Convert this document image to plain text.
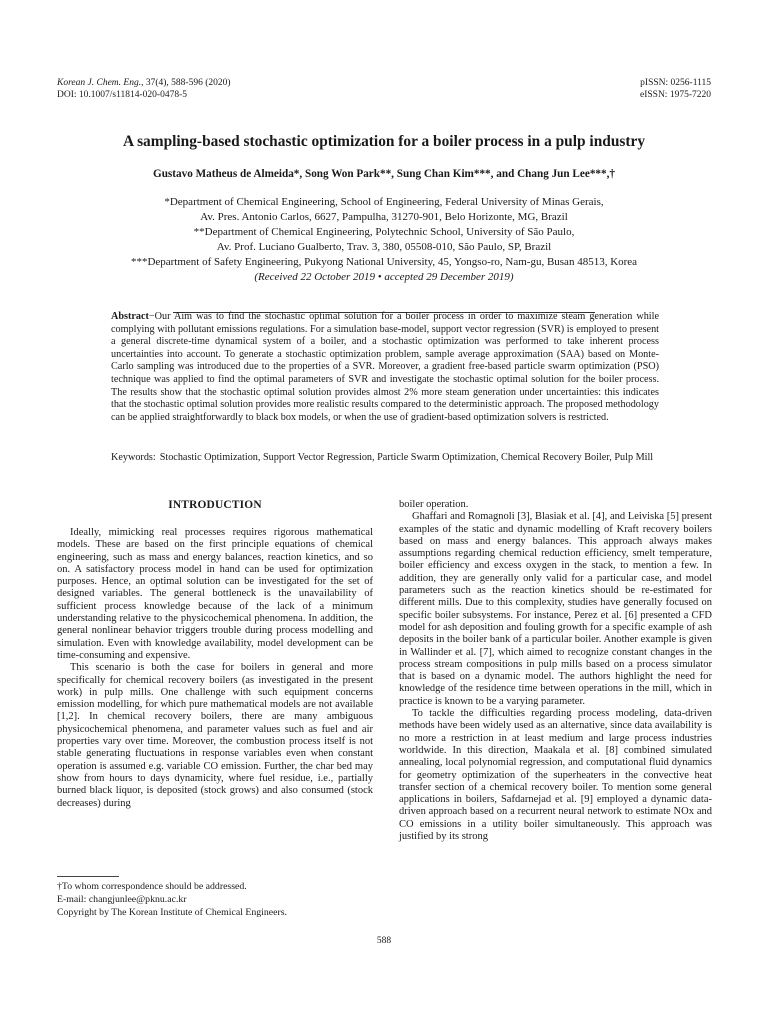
Korean J. Chem. Eng., 37(4), 588-596 (2020)
DOI: 10.1007/s11814-020-0478-5
pISSN: 0256-1115
eISSN: 1975-7220
A sampling-based stochastic optimization for a boiler process in a pulp industry
Gustavo Matheus de Almeida*, Song Won Park**, Sung Chan Kim***, and Chang Jun Lee***,†
*Department of Chemical Engineering, School of Engineering, Federal University of Minas Gerais,
Av. Pres. Antonio Carlos, 6627, Pampulha, 31270-901, Belo Horizonte, MG, Brazil
**Department of Chemical Engineering, Polytechnic School, University of São Paulo,
Av. Prof. Luciano Gualberto, Trav. 3, 380, 05508-010, São Paulo, SP, Brazil
***Department of Safety Engineering, Pukyong National University, 45, Yongso-ro, Nam-gu, Busan 48513, Korea
(Received 22 October 2019 • accepted 29 December 2019)
Abstract−Our Aim was to find the stochastic optimal solution for a boiler process in order to maximize steam generation while complying with pollutant emissions regulations. For a simulation base-model, support vector regression (SVR) is employed to present a general discrete-time dynamical system of a boiler, and a stochastic optimization was performed to take inherent process uncertainties into account. To generate a stochastic optimization problem, sample average approximation (SAA) based on Monte-Carlo sampling was introduced due to the properties of a SVR. Moreover, a gradient free-based particle swarm optimization (PSO) technique was applied to find the optimal parameters of SVR and investigate the stochastic optimal solution for the boiler process. The results show that the stochastic optimal solution provides almost 2% more steam generation under uncertainties: this indicates that the stochastic optimal solution provides more realistic results compared to the deterministic approach. The proposed methodology can be applied straightforwardly to black box models, or when the use of gradient-based optimization solvers is restricted.
Keywords: Stochastic Optimization, Support Vector Regression, Particle Swarm Optimization, Chemical Recovery Boiler, Pulp Mill
INTRODUCTION

Ideally, mimicking real processes requires rigorous mathematical models. These are based on the first principle equations of chemical engineering, such as mass and energy balances, reaction kinetics, and so on. A satisfactory process model in hand can be used for optimization purposes. Hence, an optimal solution can be investigated for the set of designed variables. The general bottleneck is the unavailability of sufficient process knowledge because of the lack of a minimum understanding relative to the physicochemical phenomena. In addition, the general nonlinear behavior triggers trouble during process modelling and simulation. Even with knowledge availability, model development can be time-consuming and expensive.

This scenario is both the case for boilers in general and more specifically for chemical recovery boilers (as investigated in the present work) in pulp mills. One challenge with such equipment concerns emission modelling, for which pure mathematical models are not available [1,2]. In chemical recovery boilers, there are many ambiguous physicochemical phenomena, and parameter values such as fuel and air properties vary over time. Moreover, the combustion process itself is not stable generating fluctuations in response variables even when constant operation is assumed e.g. variable CO emission. Further, the char bed may show from hours to days dynamicity, where fuel residue, i.e., partially burned black liquor, is deposited (stock grows) and also consumed (stock decreases) during

boiler operation.

Ghaffari and Romagnoli [3], Blasiak et al. [4], and Leiviska [5] present examples of the static and dynamic modelling of Kraft recovery boilers based on mass and energy balances. This approach always makes assumptions regarding chemical reduction efficiency, smelt temperature, boiler efficiency and excess oxygen in the stack, to mention a few. In addition, they are generally only valid for a particular case, and model parameters such as the reaction kinetics should be re-estimated for different mills. Due to this complexity, studies have generally focused on specific boiler subsystems. For instance, Perez et al. [6] presented a CFD model for ash deposition and fouling growth for a specific example of ash deposits in the boiler bank of a particular boiler. Another example is given in Wallinder et al. [7], which aimed to recognize constant changes in the process stream compositions in pulp mills based on a process simulator that is based on a dynamic model. The authors highlight the need for knowledge of the residence time between operations in the mill, which in practice is known to be a varying parameter.

To tackle the difficulties regarding process modeling, data-driven methods have been widely used as an alternative, since data availability is no more a restriction in at least medium and large process industries worldwide. In this direction, Maakala et al. [8] combined simulated annealing, local polynomial regression, and computational fluid dynamics for geometry optimization of the superheaters in the convective heat transfer section of a chemical recovery boiler. To mention some general applications in boilers, Safdarnejad et al. [9] employed a dynamic data-driven approach based on a recurrent neural network to estimate NOx and CO emissions in a utility boiler simultaneously. This approach was justified by its strong

†To whom correspondence should be addressed.
E-mail: changjunlee@pknu.ac.kr
Copyright by The Korean Institute of Chemical Engineers.
588
